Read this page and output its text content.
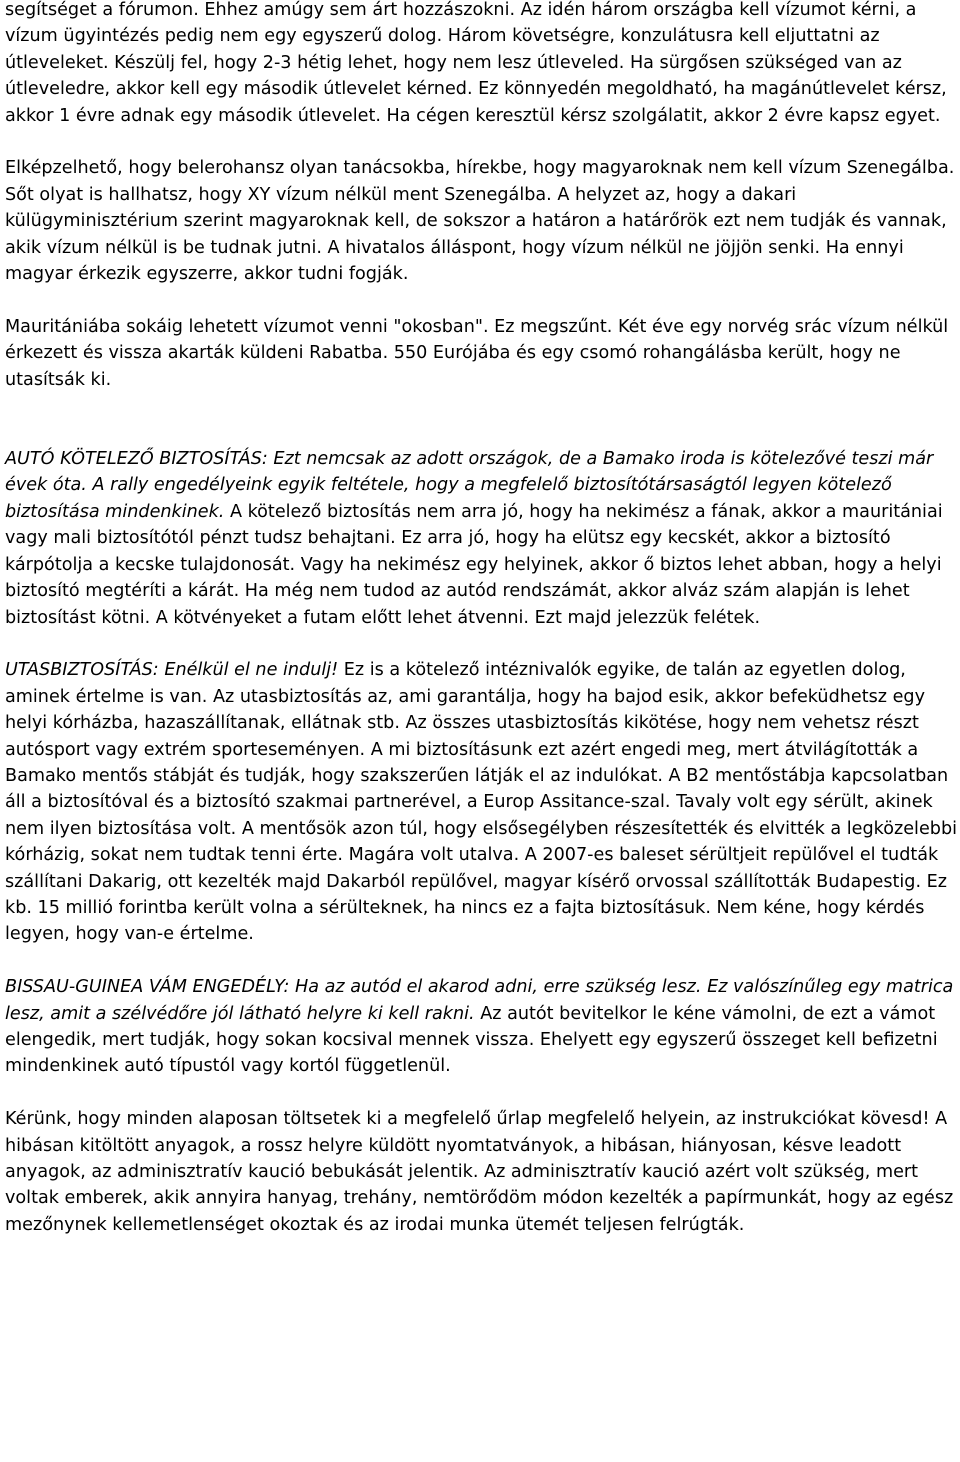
segítséget a fórumon. Ehhez amúgy sem árt hozzászokni. Az idén három országba kell vízumot kérni, a vízum ügyintézés pedig nem egy egyszerű dolog. Három követségre, konzulátusra kell eljuttatni az útleveleket. Készülj fel, hogy 2-3 hétig lehet, hogy nem lesz útleveled. Ha sürgősen szükséged van az útleveledre, akkor kell egy második útlevelet kérned. Ez könnyedén megoldható, ha magánútlevelet kérsz, akkor 1 évre adnak egy második útlevelet. Ha cégen keresztül kérsz szolgálatit, akkor 2 évre kapsz egyet.

Elképzelhető, hogy belerohansz olyan tanácsokba, hírekbe, hogy magyaroknak nem kell vízum Szenegálba. Sőt olyat is hallhatsz, hogy XY vízum nélkül ment Szenegálba. A helyzet az, hogy a dakari külügyminisztérium szerint magyaroknak kell, de sokszor a határon a határőrök ezt nem tudják és vannak, akik vízum nélkül is be tudnak jutni. A hivatalos álláspont, hogy vízum nélkül ne jöjjön senki. Ha ennyi magyar érkezik egyszerre, akkor tudni fogják.

Mauritániába sokáig lehetett vízumot venni "okosban". Ez megszűnt. Két éve egy norvég srác vízum nélkül érkezett és vissza akarták küldeni Rabatba. 550 Eurójába és egy csomó rohangálásba került, hogy ne utasítsák ki.

AUTÓ KÖTELEZŐ BIZTOSÍTÁS: Ezt nemcsak az adott országok, de a Bamako iroda is kötelezővé teszi már évek óta. A rally engedélyeink egyik feltétele, hogy a megfelelő biztosítótársaságtól legyen kötelező biztosítása mindenkinek. A kötelező biztosítás nem arra jó, hogy ha nekimész a fának, akkor a mauritániai vagy mali biztosítótól pénzt tudsz behajtani. Ez arra jó, hogy ha elütsz egy kecskét, akkor a biztosító kárpótolja a kecske tulajdonosát. Vagy ha nekimész egy helyinek, akkor ő biztos lehet abban, hogy a helyi biztosító megtéríti a kárát. Ha még nem tudod az autód rendszámát, akkor alváz szám alapján is lehet biztosítást kötni. A kötvényeket a futam előtt lehet átvenni. Ezt majd jelezzük felétek.

UTASBIZTOSÍTÁS: Enélkül el ne indulj! Ez is a kötelező intéznivalók egyike, de talán az egyetlen dolog, aminek értelme is van. Az utasbiztosítás az, ami garantálja, hogy ha bajod esik, akkor befeküdhetsz egy helyi kórházba, hazaszállítanak, ellátnak stb. Az összes utasbiztosítás kikötése, hogy nem vehetsz részt autósport vagy extrém sporteseményen. A mi biztosításunk ezt azért engedi meg, mert átvilágították a Bamako mentős stábját és tudják, hogy szakszerűen látják el az indulókat. A B2 mentőstábja kapcsolatban áll a biztosítóval és a biztosító szakmai partnerével, a Europ Assitance-szal. Tavaly volt egy sérült, akinek nem ilyen biztosítása volt. A mentősök azon túl, hogy elsősegélyben részesítették és elvitték a legközelebbi kórházig, sokat nem tudtak tenni érte. Magára volt utalva. A 2007-es baleset sérültjeit repülővel el tudták szállítani Dakarig, ott kezelték majd Dakarból repülővel, magyar kísérő orvossal szállították Budapestig. Ez kb. 15 millió forintba került volna a sérülteknek, ha nincs ez a fajta biztosításuk. Nem kéne, hogy kérdés legyen, hogy van-e értelme.

BISSAU-GUINEA VÁM ENGEDÉLY: Ha az autód el akarod adni, erre szükség lesz. Ez valószínűleg egy matrica lesz, amit a szélvédőre jól látható helyre ki kell rakni. Az autót bevitelkor le kéne vámolni, de ezt a vámot elengedik, mert tudják, hogy sokan kocsival mennek vissza. Ehelyett egy egyszerű összeget kell befizetni mindenkinek autó típustól vagy kortól függetlenül.

Kérünk, hogy minden alaposan töltsetek ki a megfelelő űrlap megfelelő helyein, az instrukciókat kövesd! A hibásan kitöltött anyagok, a rossz helyre küldött nyomtatványok, a hibásan, hiányosan, késve leadott anyagok, az adminisztratív kaució bebukását jelentik. Az adminisztratív kaució azért volt szükség, mert voltak emberek, akik annyira hanyag, trehány, nemtörődöm módon kezelték a papírmunkát, hogy az egész mezőnynek kellemetlenséget okoztak és az irodai munka ütemét teljesen felrúgták.
